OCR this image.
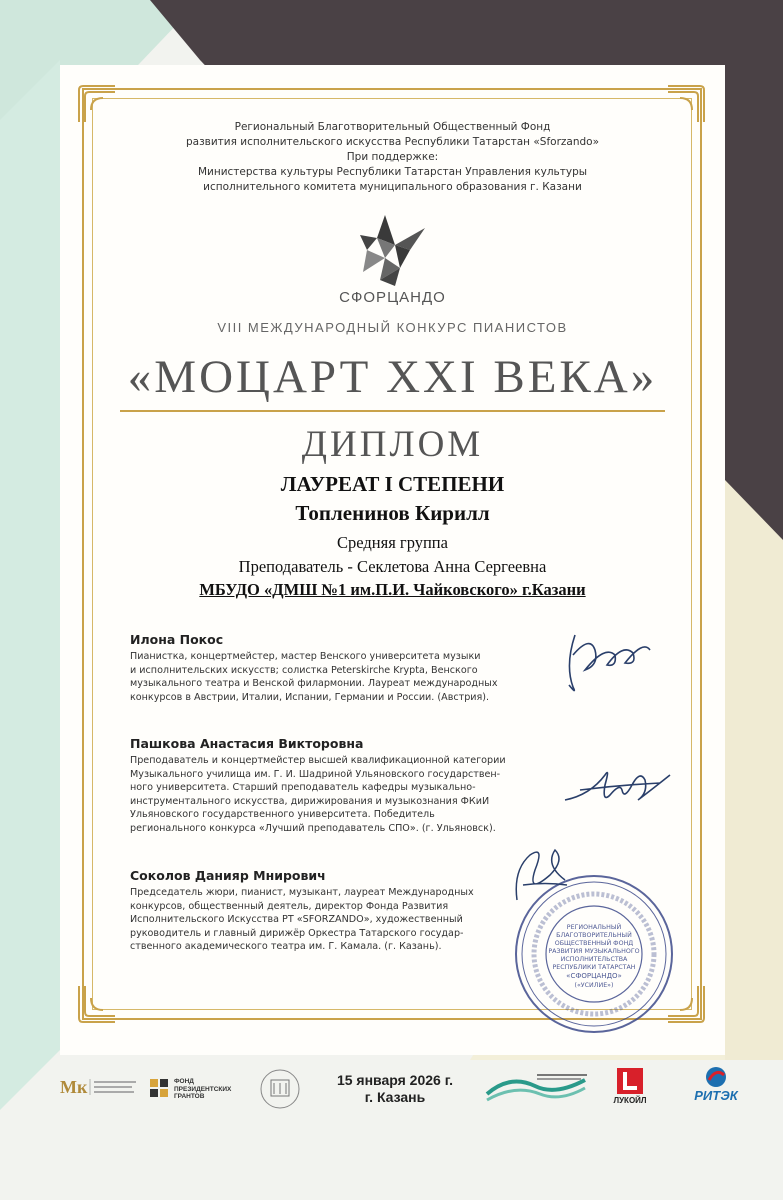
Региональный Благотворительный Общественный Фонд
развития исполнительского искусства Республики Татарстан «Sforzando»
При поддержке:
Министерства культуры Республики Татарстан Управления культуры
исполнительного комитета муниципального образования г. Казани
СФОРЦАНДО
VIII МЕЖДУНАРОДНЫЙ КОНКУРС ПИАНИСТОВ
«МОЦАРТ XXI ВЕКА»
ДИПЛОМ
ЛАУРЕАТ I СТЕПЕНИ
Топленинов Кирилл
Средняя группа
Преподаватель - Секлетова Анна Сергеевна
МБУДО «ДМШ №1 им.П.И. Чайковского» г.Казани
Илона Покос
Пианистка, концертмейстер, мастер Венского университета музыки
и исполнительских искусств; солистка Peterskirche Krypta, Венского
музыкального театра и Венской филармонии. Лауреат международных
конкурсов в Австрии, Италии, Испании, Германии и России. (Австрия).
Пашкова Анастасия Викторовна
Преподаватель и концертмейстер высшей квалификационной категории
Музыкального училища им. Г. И. Шадриной Ульяновского государствен-
ного университета. Старший преподаватель кафедры музыкально-
инструментального искусства, дирижирования и музыкознания ФКиИ
Ульяновского государственного университета. Победитель
регионального конкурса «Лучший преподаватель СПО». (г. Ульяновск).
Соколов Данияр Мнирович
Председатель жюри, пианист, музыкант, лауреат Международных
конкурсов, общественный деятель, директор Фонда Развития
Исполнительского Искусства РТ «SFORZANDO», художественный
руководитель и главный дирижёр Оркестра Татарского государ-
ственного академического театра им. Г. Камала. (г. Казань).
РЕГИОНАЛЬНЫЙ
БЛАГОТВОРИТЕЛЬНЫЙ
ОБЩЕСТВЕННЫЙ ФОНД
РАЗВИТИЯ МУЗЫКАЛЬНОГО
ИСПОЛНИТЕЛЬСТВА
РЕСПУБЛИКИ ТАТАРСТАН
«СФОРЦАНДО»
(«УСИЛИЕ»)
Мк	ФОНД
ПРЕЗИДЕНТСКИХ
ГРАНТОВ
15 января 2026 г.
г. Казань	ЛУКОЙЛ	РИТЭК
